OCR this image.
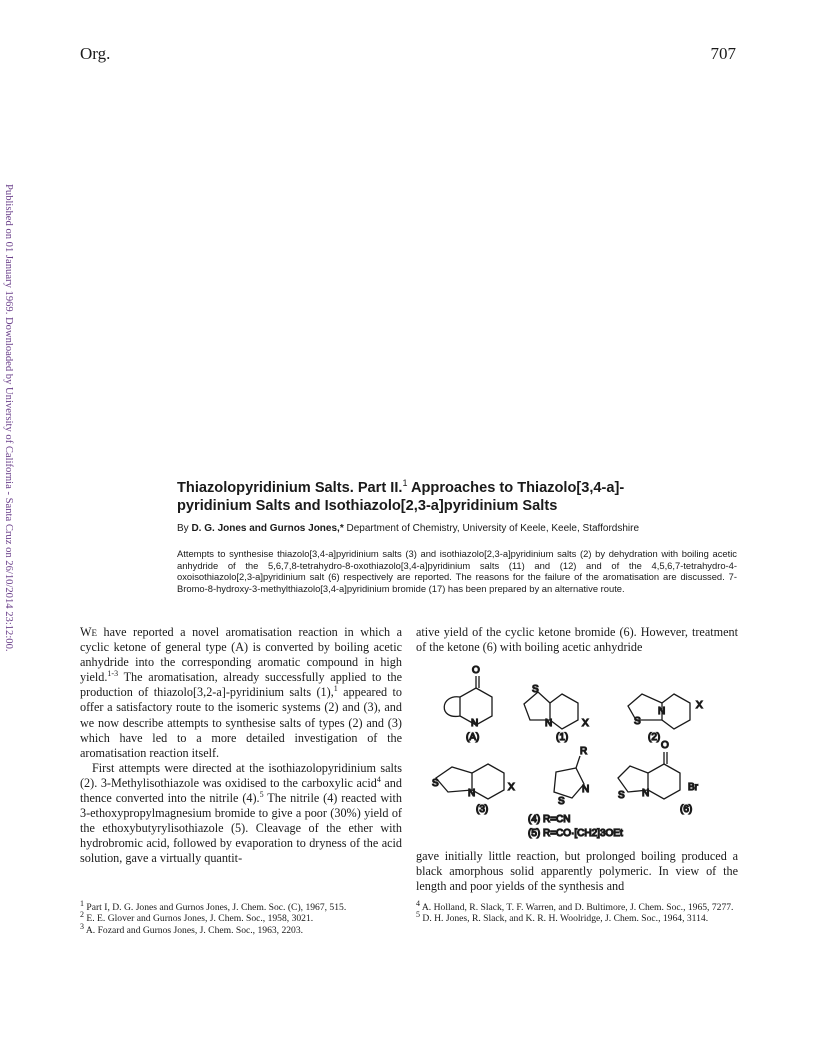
Org.	707
Published on 01 January 1969. Downloaded by University of California - Santa Cruz on 26/10/2014 23:12:00.	Thiazolopyridinium Salts. Part II.$^1$ Approaches to Thiazolo[3,4-a]-
pyridinium Salts and Isothiazolo[2,3-a]pyridinium Salts
By D. G. Jones and Gurnos Jones,* Department of Chemistry, University of Keele, Keele, Staffordshire

Attempts to synthesise thiazolo[3,4-a]pyridinium salts (3) and isothiazolo[2,3-a]pyridinium salts (2) by dehydration with boiling acetic anhydride of the 5,6,7,8-tetrahydro-8-oxothiazolo[3,4-a]pyridinium salts (11) and (12) and of the 4,5,6,7-tetrahydro-4-oxoisothiazolo[2,3-a]pyridinium salt (6) respectively are reported. The reasons for the failure of the aromatisation are discussed. 7-Bromo-8-hydroxy-3-methylthiazolo[3,4-a]pyridinium bromide (17) has been prepared by an alternative route.

We have reported a novel aromatisation reaction in which a cyclic ketone of general type (A) is converted by boiling acetic anhydride into the corresponding aromatic compound in high yield.$^{1-3}$ The aromatisation, already successfully applied to the production of thiazolo[3,2-a]-pyridinium salts (1),$^1$ appeared to offer a satisfactory route to the isomeric systems (2) and (3), and we now describe attempts to synthesise salts of types (2) and (3) which have led to a more detailed investigation of the aromatisation reaction itself.

First attempts were directed at the isothiazolopyridinium salts (2). 3-Methylisothiazole was oxidised to the carboxylic acid$^4$ and thence converted into the nitrile (4).$^5$ The nitrile (4) reacted with 3-ethoxypropylmagnesium bromide to give a poor (30%) yield of the ethoxybutyrylisothiazole (5). Cleavage of the ether with hydrobromic acid, followed by evaporation to dryness of the acid solution, gave a virtually quantit-

ative yield of the cyclic ketone bromide (6). However, treatment of the ketone (6) with boiling acetic anhydride

O
N
(A)
S
N
(1)
X	S
N
(2)
X
S
N
(3)
X
R
N
S
(4) R=CN
(5) R=CO·[CH2]3OEt
O
S N
(6)
Br

gave initially little reaction, but prolonged boiling produced a black amorphous solid apparently polymeric. In view of the length and poor yields of the synthesis and

$^1$ Part I, D. G. Jones and Gurnos Jones, J. Chem. Soc. (C), 1967, 515.

$^2$ E. E. Glover and Gurnos Jones, J. Chem. Soc., 1958, 3021.

$^3$ A. Fozard and Gurnos Jones, J. Chem. Soc., 1963, 2203.

$^4$ A. Holland, R. Slack, T. F. Warren, and D. Bultimore, J. Chem. Soc., 1965, 7277.

$^5$ D. H. Jones, R. Slack, and K. R. H. Woolridge, J. Chem. Soc., 1964, 3114.
